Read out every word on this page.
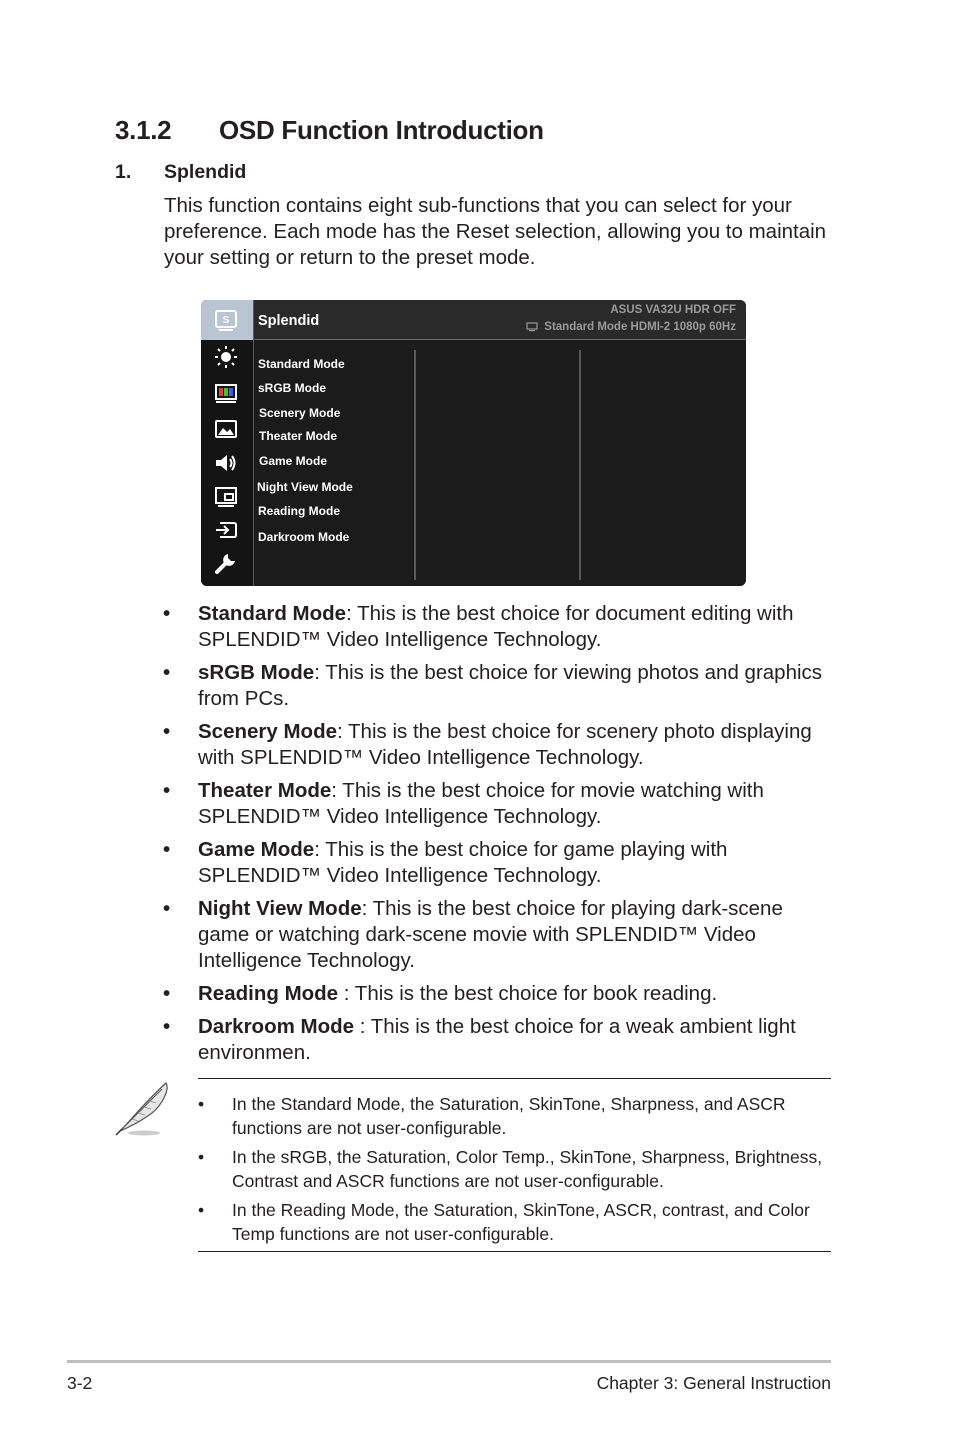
3.1.2 OSD Function Introduction
1. Splendid
This function contains eight sub-functions that you can select for your preference. Each mode has the Reset selection, allowing you to maintain your setting or return to the preset mode.
S Splendid
ASUS VA32U HDR OFF
Standard Mode HDMI-2 1080p 60Hz
Standard Mode
sRGB Mode
Scenery Mode
Theater Mode
Game Mode
Night View Mode
Reading Mode
Darkroom Mode
• Standard Mode: This is the best choice for document editing with SPLENDID™ Video Intelligence Technology.
• sRGB Mode: This is the best choice for viewing photos and graphics from PCs.
• Scenery Mode: This is the best choice for scenery photo displaying with SPLENDID™ Video Intelligence Technology.
• Theater Mode: This is the best choice for movie watching with SPLENDID™ Video Intelligence Technology.
• Game Mode: This is the best choice for game playing with SPLENDID™ Video Intelligence Technology.
• Night View Mode: This is the best choice for playing dark-scene game or watching dark-scene movie with SPLENDID™ Video Intelligence Technology.
• Reading Mode : This is the best choice for book reading.
• Darkroom Mode : This is the best choice for a weak ambient light environmen.
• In the Standard Mode, the Saturation, SkinTone, Sharpness, and ASCR functions are not user-configurable.
• In the sRGB, the Saturation, Color Temp., SkinTone, Sharpness, Brightness, Contrast and ASCR functions are not user-configurable.
• In the Reading Mode, the Saturation, SkinTone, ASCR, contrast, and Color Temp functions are not user-configurable.
3-2	Chapter 3: General Instruction
